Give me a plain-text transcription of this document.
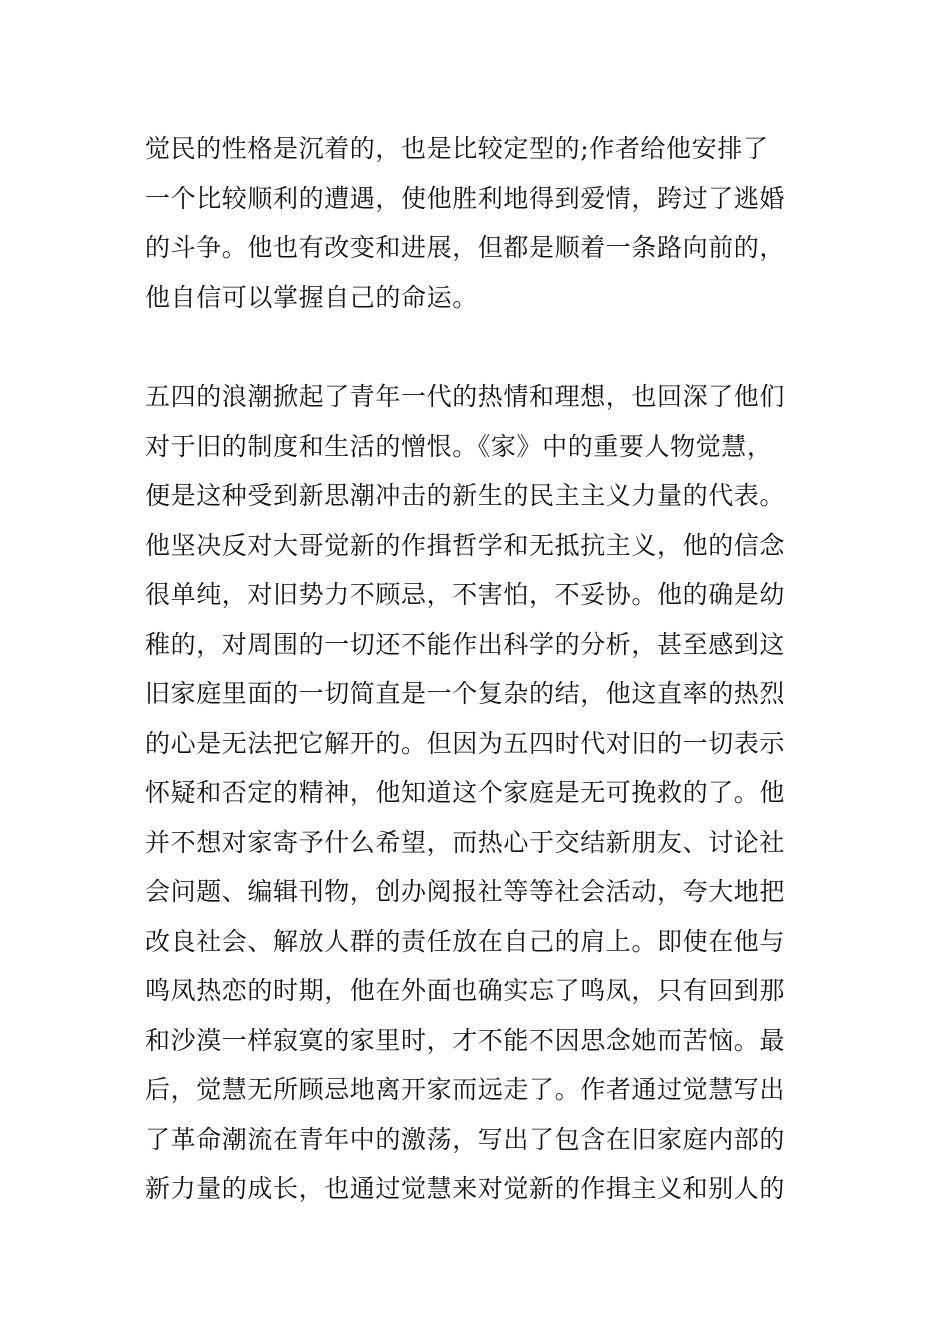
觉民的性格是沉着的，也是比较定型的;作者给他安排了
一个比较顺利的遭遇，使他胜利地得到爱情，跨过了逃婚
的斗争。他也有改变和进展，但都是顺着一条路向前的，
他自信可以掌握自己的命运。
五四的浪潮掀起了青年一代的热情和理想，也回深了他们
对于旧的制度和生活的憎恨。《家》中的重要人物觉慧，
便是这种受到新思潮冲击的新生的民主主义力量的代表。
他坚决反对大哥觉新的作揖哲学和无抵抗主义，他的信念
很单纯，对旧势力不顾忌，不害怕，不妥协。他的确是幼
稚的，对周围的一切还不能作出科学的分析，甚至感到这
旧家庭里面的一切简直是一个复杂的结，他这直率的热烈
的心是无法把它解开的。但因为五四时代对旧的一切表示
怀疑和否定的精神，他知道这个家庭是无可挽救的了。他
并不想对家寄予什么希望，而热心于交结新朋友、讨论社
会问题、编辑刊物，创办阅报社等等社会活动，夸大地把
改良社会、解放人群的责任放在自己的肩上。即使在他与
鸣凤热恋的时期，他在外面也确实忘了鸣凤，只有回到那
和沙漠一样寂寞的家里时，才不能不因思念她而苦恼。最
后，觉慧无所顾忌地离开家而远走了。作者通过觉慧写出
了革命潮流在青年中的激荡，写出了包含在旧家庭内部的
新力量的成长，也通过觉慧来对觉新的作揖主义和别人的
